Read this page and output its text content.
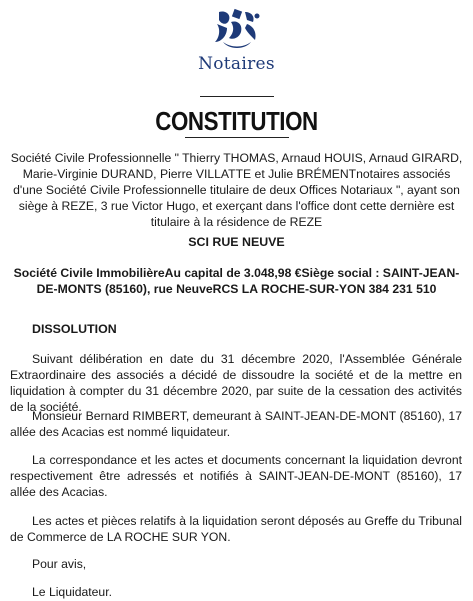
Notaires
CONSTITUTION
Société Civile Professionnelle " Thierry THOMAS, Arnaud HOUIS, Arnaud GIRARD, Marie-Virginie DURAND, Pierre VILLATTE et Julie BRÉMENTnotaires associés d'une Société Civile Professionnelle titulaire de deux Offices Notariaux ", ayant son siège à REZE, 3 rue Victor Hugo, et exerçant dans l'office dont cette dernière est titulaire à la résidence de REZE
SCI RUE NEUVE
Société Civile ImmobilièreAu capital de 3.048,98 €Siège social : SAINT-JEAN-DE-MONTS (85160), rue NeuveRCS LA ROCHE-SUR-YON 384 231 510
DISSOLUTION
Suivant délibération en date du 31 décembre 2020, l'Assemblée Générale Extraordinaire des associés a décidé de dissoudre la société et de la mettre en liquidation à compter du 31 décembre 2020, par suite de la cessation des activités de la société.
Monsieur Bernard RIMBERT, demeurant à SAINT-JEAN-DE-MONT (85160), 17 allée des Acacias est nommé liquidateur.
La correspondance et les actes et documents concernant la liquidation devront respectivement être adressés et notifiés à SAINT-JEAN-DE-MONT (85160), 17 allée des Acacias.
Les actes et pièces relatifs à la liquidation seront déposés au Greffe du Tribunal de Commerce de LA ROCHE SUR YON.
Pour avis,
Le Liquidateur.
